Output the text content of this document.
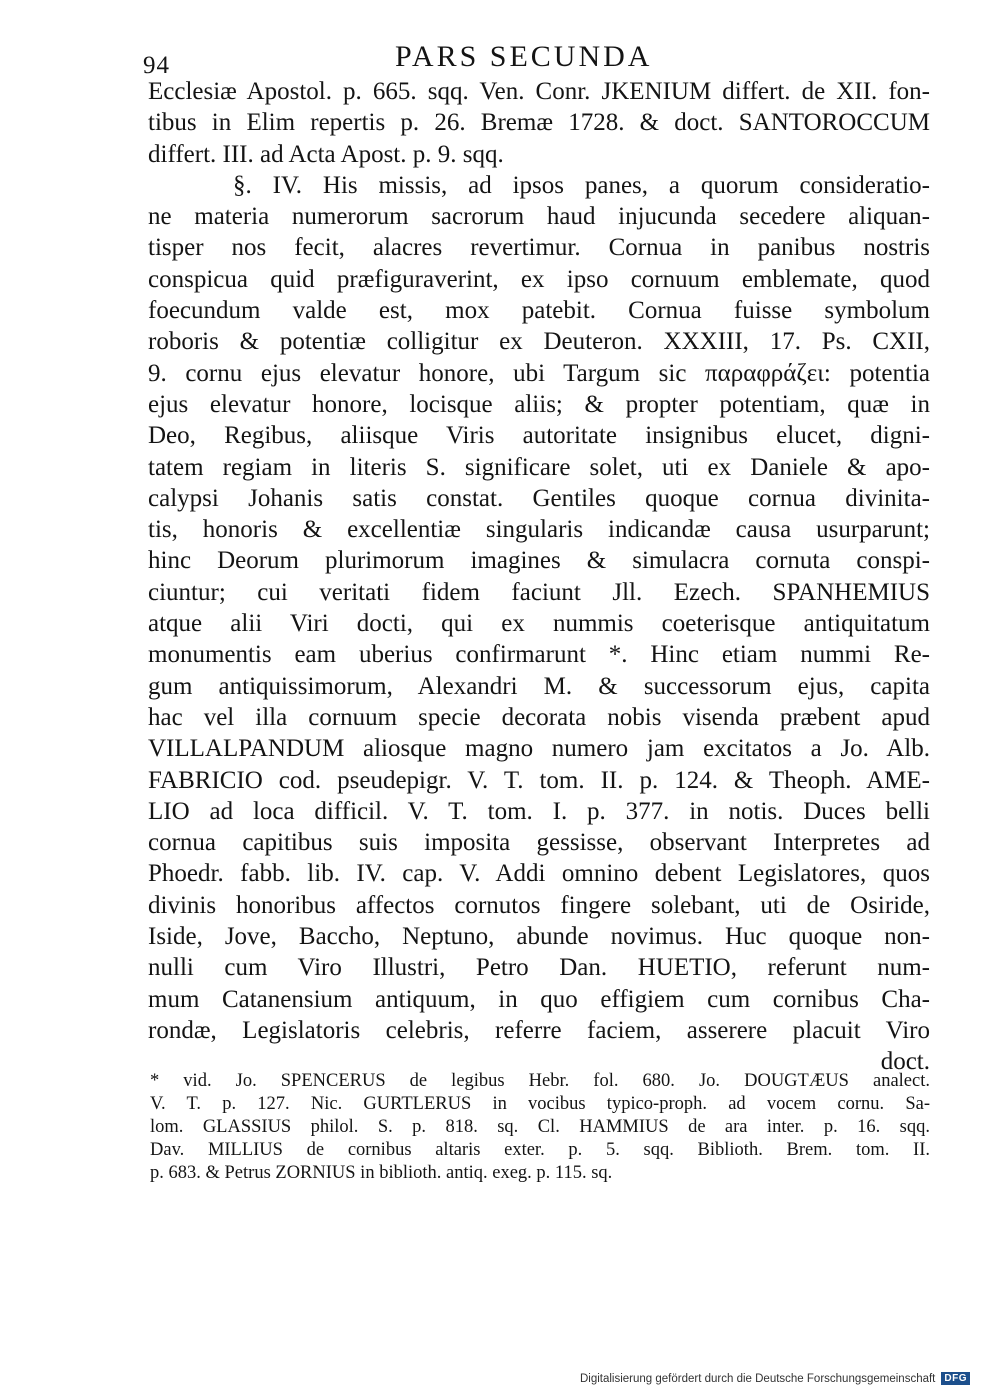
94	PARS SECUNDA
Ecclesiæ Apostol. p. 665. sqq. Ven. Conr. JKENIUM differt. de XII. fon-
tibus in Elim repertis p. 26. Bremæ 1728. & doct. SANTOROCCUM
differt. III. ad Acta Apost. p. 9. sqq.
§. IV. His missis, ad ipsos panes, a quorum consideratio-
ne materia numerorum sacrorum haud injucunda secedere aliquan-
tisper nos fecit, alacres revertimur. Cornua in panibus nostris
conspicua quid præfiguraverint, ex ipso cornuum emblemate, quod
foecundum valde est, mox patebit. Cornua fuisse symbolum
roboris & potentiæ colligitur ex Deuteron. XXXIII, 17. Ps. CXII,
9. cornu ejus elevatur honore, ubi Targum sic παραφράζει: potentia
ejus elevatur honore, locisque aliis; & propter potentiam, quæ in
Deo, Regibus, aliisque Viris autoritate insignibus elucet, digni-
tatem regiam in literis S. significare solet, uti ex Daniele & apo-
calypsi Johanis satis constat. Gentiles quoque cornua divinita-
tis, honoris & excellentiæ singularis indicandæ causa usurparunt;
hinc Deorum plurimorum imagines & simulacra cornuta conspi-
ciuntur; cui veritati fidem faciunt Jll. Ezech. SPANHEMIUS
atque alii Viri docti, qui ex nummis coeterisque antiquitatum
monumentis eam uberius confirmarunt *. Hinc etiam nummi Re-
gum antiquissimorum, Alexandri M. & successorum ejus, capita
hac vel illa cornuum specie decorata nobis visenda præbent apud
VILLALPANDUM aliosque magno numero jam excitatos a Jo. Alb.
FABRICIO cod. pseudepigr. V. T. tom. II. p. 124. & Theoph. AME-
LIO ad loca difficil. V. T. tom. I. p. 377. in notis. Duces belli
cornua capitibus suis imposita gessisse, observant Interpretes ad
Phoedr. fabb. lib. IV. cap. V. Addi omnino debent Legislatores, quos
divinis honoribus affectos cornutos fingere solebant, uti de Osiride,
Iside, Jove, Baccho, Neptuno, abunde novimus. Huc quoque non-
nulli cum Viro Illustri, Petro Dan. HUETIO, referunt num-
mum Catanensium antiquum, in quo effigiem cum cornibus Cha-
rondæ, Legislatoris celebris, referre faciem, asserere placuit Viro
doct.
* vid. Jo. SPENCERUS de legibus Hebr. fol. 680. Jo. DOUGTÆUS analect.
V. T. p. 127. Nic. GURTLERUS in vocibus typico-proph. ad vocem cornu. Sa-
lom. GLASSIUS philol. S. p. 818. sq. Cl. HAMMIUS de ara inter. p. 16. sqq.
Dav. MILLIUS de cornibus altaris exter. p. 5. sqq. Biblioth. Brem. tom. II.
p. 683. & Petrus ZORNIUS in biblioth. antiq. exeg. p. 115. sq.
Digitalisierung gefördert durch die Deutsche Forschungsgemeinschaft DFG
